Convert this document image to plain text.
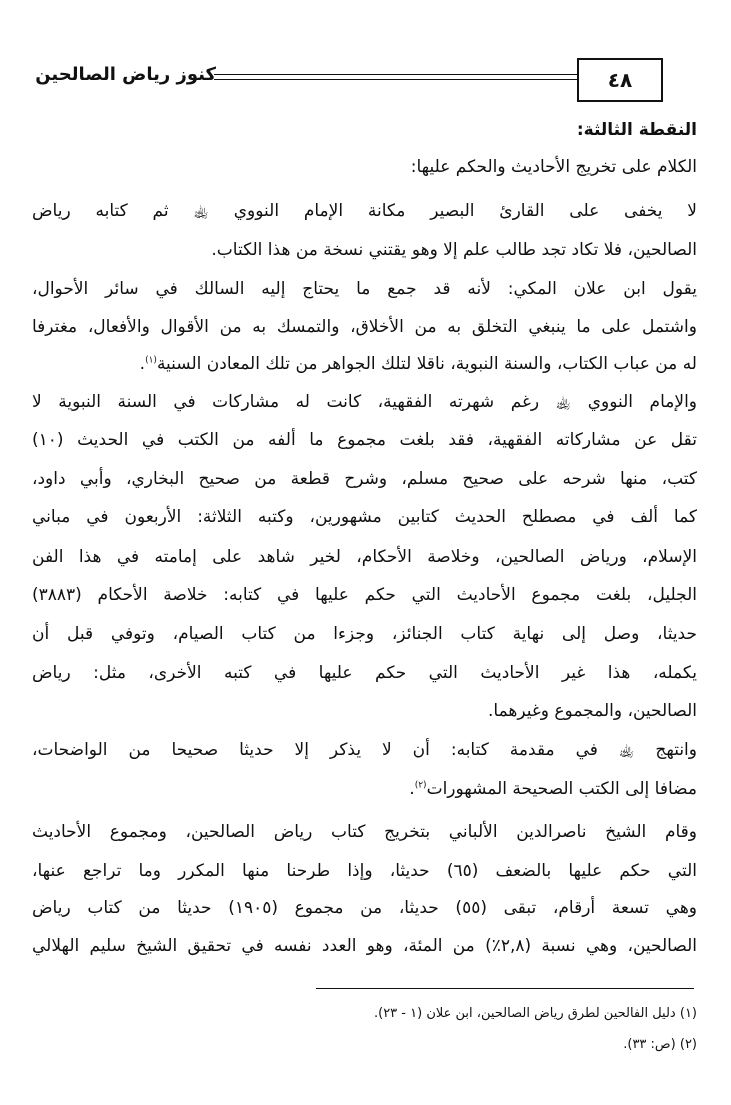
٤٨
كنوز رياض الصالحين
النقطة الثالثة:
الكلام على تخريج الأحاديث والحكم عليها:
لا يخفى على القارئ البصير مكانة الإمام النووي ﵀ ثم كتابه رياض
الصالحين، فلا تكاد تجد طالب علم إلا وهو يقتني نسخة من هذا الكتاب.
يقول ابن علان المكي: لأنه قد جمع ما يحتاج إليه السالك في سائر الأحوال،
واشتمل على ما ينبغي التخلق به من الأخلاق، والتمسك به من الأقوال والأفعال، مغترفا
له من عباب الكتاب، والسنة النبوية، ناقلا لتلك الجواهر من تلك المعادن السنية$^{(١)}$.
والإمام النووي ﵀ رغم شهرته الفقهية، كانت له مشاركات في السنة النبوية لا
تقل عن مشاركاته الفقهية، فقد بلغت مجموع ما ألفه من الكتب في الحديث (١٠)
كتب، منها شرحه على صحيح مسلم، وشرح قطعة من صحيح البخاري، وأبي داود،
كما ألف في مصطلح الحديث كتابين مشهورين، وكتبه الثلاثة: الأربعون في مباني
الإسلام، ورياض الصالحين، وخلاصة الأحكام، لخير شاهد على إمامته في هذا الفن
الجليل، بلغت مجموع الأحاديث التي حكم عليها في كتابه: خلاصة الأحكام (٣٨٨٣)
حديثا، وصل إلى نهاية كتاب الجنائز، وجزءا من كتاب الصيام، وتوفي قبل أن
يكمله، هذا غير الأحاديث التي حكم عليها في كتبه الأخرى، مثل: رياض
الصالحين، والمجموع وغيرهما.
وانتهج ﵀ في مقدمة كتابه: أن لا يذكر إلا حديثا صحيحا من الواضحات،
مضافا إلى الكتب الصحيحة المشهورات$^{(٢)}$.
وقام الشيخ ناصرالدين الألباني بتخريج كتاب رياض الصالحين، ومجموع الأحاديث
التي حكم عليها بالضعف (٦٥) حديثا، وإذا طرحنا منها المكرر وما تراجع عنها،
وهي تسعة أرقام، تبقى (٥٥) حديثا، من مجموع (١٩٠٥) حديثا من كتاب رياض
الصالحين، وهي نسبة (٢,٨٪) من المئة، وهو العدد نفسه في تحقيق الشيخ سليم الهلالي
(١) دليل الفالحين لطرق رياض الصالحين، ابن علان (١ - ٢٣).
(٢) (ص: ٣٣).
